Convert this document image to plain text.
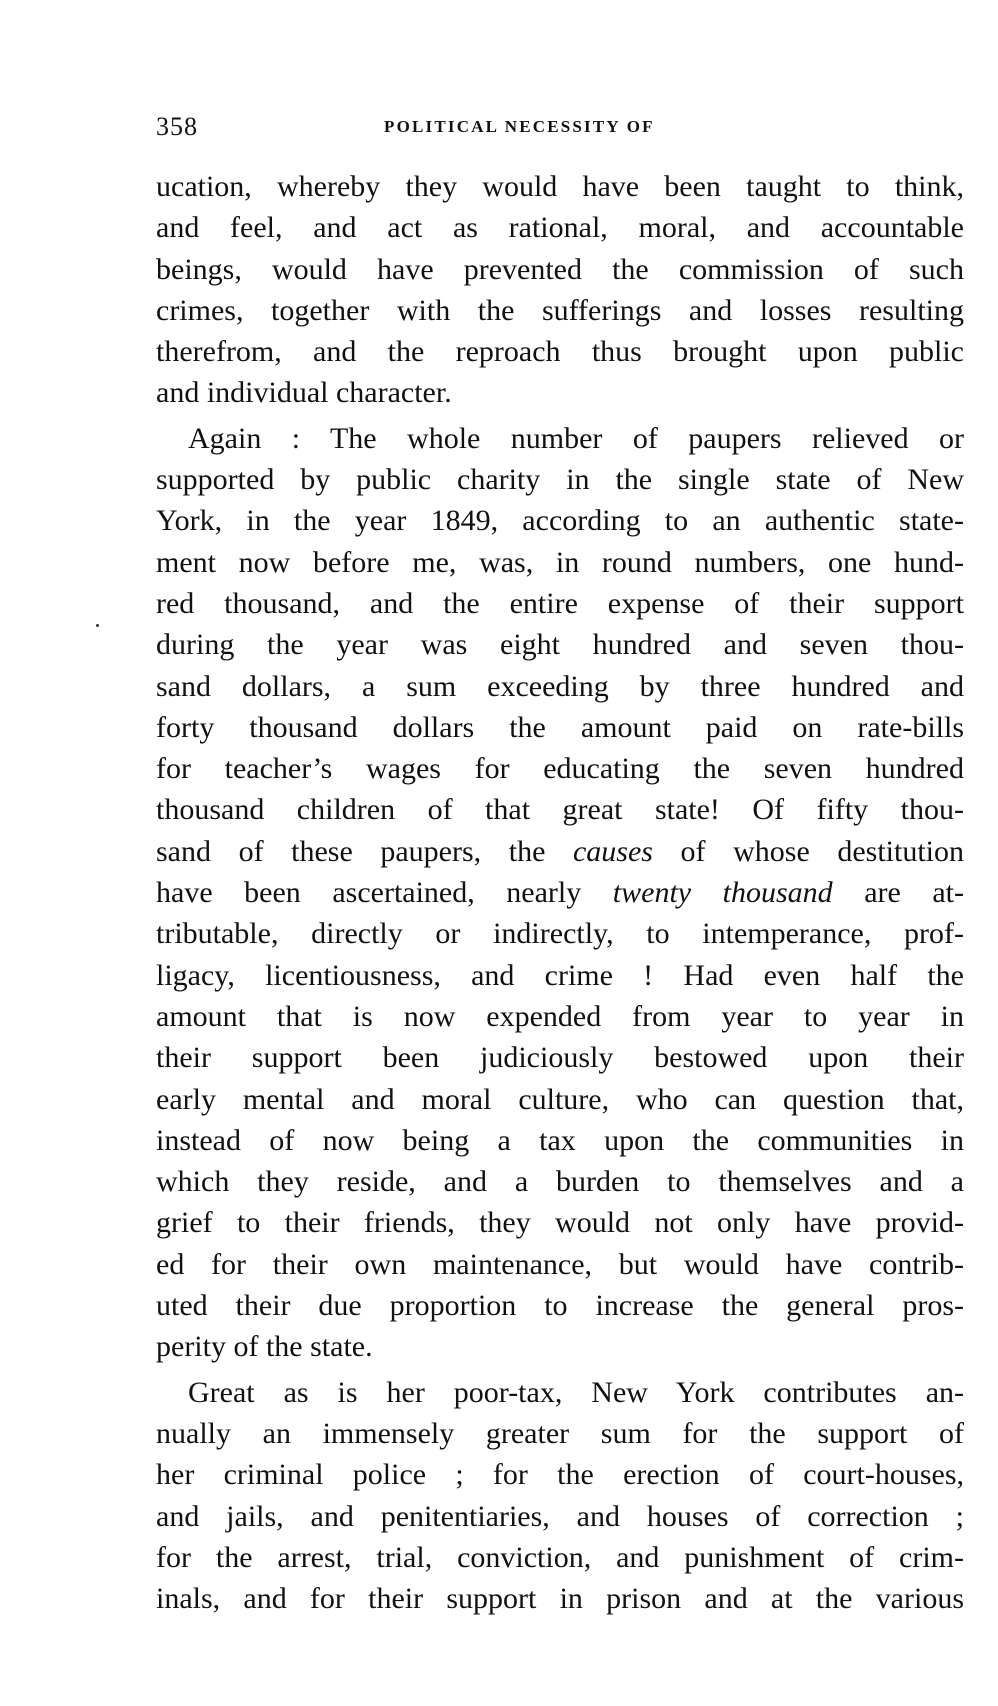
358	POLITICAL NECESSITY OF
ucation, whereby they would have been taught to think,
and feel, and act as rational, moral, and accountable
beings, would have prevented the commission of such
crimes, together with the sufferings and losses resulting
therefrom, and the reproach thus brought upon public
and individual character.
Again : The whole number of paupers relieved or
supported by public charity in the single state of New
York, in the year 1849, according to an authentic state-
ment now before me, was, in round numbers, one hund-
red thousand, and the entire expense of their support
during the year was eight hundred and seven thou-
sand dollars, a sum exceeding by three hundred and
forty thousand dollars the amount paid on rate-bills
for teacher’s wages for educating the seven hundred
thousand children of that great state! Of fifty thou-
sand of these paupers, the causes of whose destitution
have been ascertained, nearly twenty thousand are at-
tributable, directly or indirectly, to intemperance, prof-
ligacy, licentiousness, and crime ! Had even half the
amount that is now expended from year to year in
their support been judiciously bestowed upon their
early mental and moral culture, who can question that,
instead of now being a tax upon the communities in
which they reside, and a burden to themselves and a
grief to their friends, they would not only have provid-
ed for their own maintenance, but would have contrib-
uted their due proportion to increase the general pros-
perity of the state.
Great as is her poor-tax, New York contributes an-
nually an immensely greater sum for the support of
her criminal police ; for the erection of court-houses,
and jails, and penitentiaries, and houses of correction ;
for the arrest, trial, conviction, and punishment of crim-
inals, and for their support in prison and at the various
